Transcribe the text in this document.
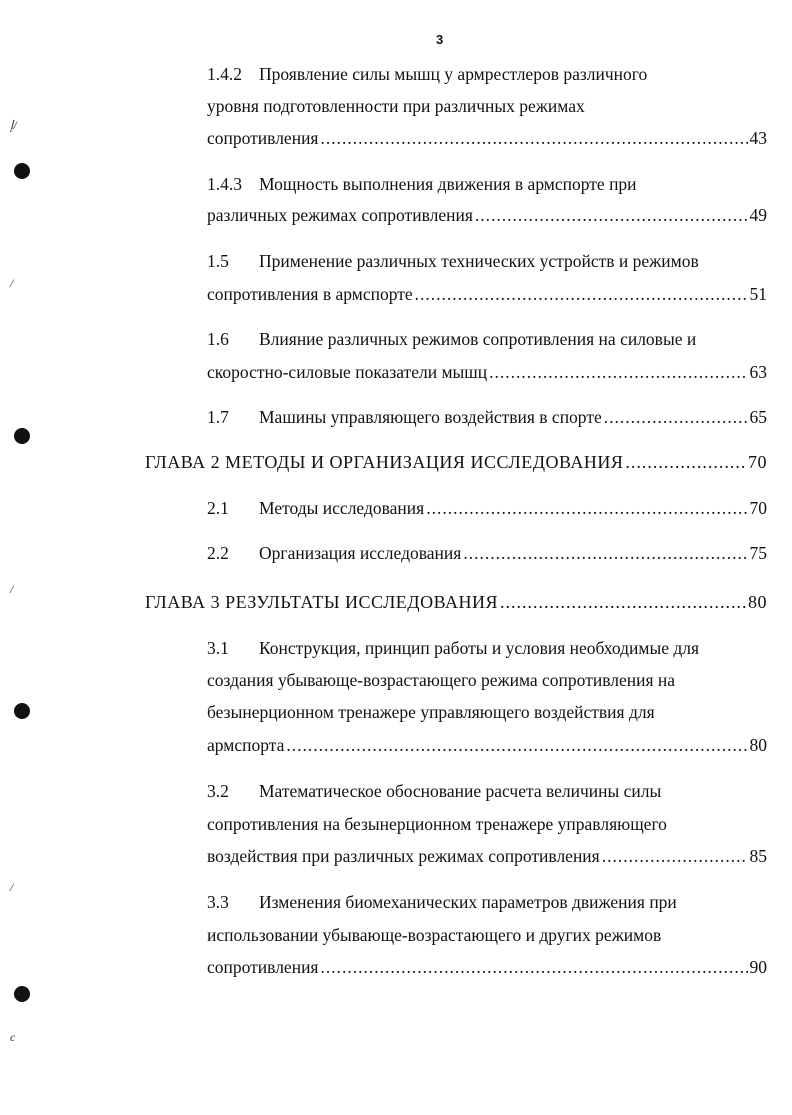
3
ﺇ/
/
/
/
c
1.4.2 Проявление силы мышц у армрестлеров различного
уровня подготовленности при различных режимах
сопротивления .....	43
1.4.3 Мощность выполнения движения в армспорте при
различных режимах сопротивления .....	49
1.5 Применение различных технических устройств и режимов
сопротивления в армспорте .....	51
1.6 Влияние различных режимов сопротивления на силовые и
скоростно-силовые показатели мышц .....	63
1.7	Машины управляющего воздействия в спорте .....	65
ГЛАВА 2 МЕТОДЫ И ОРГАНИЗАЦИЯ ИССЛЕДОВАНИЯ .....	70
2.1	Методы исследования .....	70
2.2	Организация исследования .....	75
ГЛАВА 3 РЕЗУЛЬТАТЫ ИССЛЕДОВАНИЯ .....	80
3.1 Конструкция, принцип работы и условия необходимые для
создания убывающе-возрастающего режима сопротивления на
безынерционном тренажере управляющего воздействия для
армспорта .....	80
3.2 Математическое обоснование расчета величины силы
сопротивления на безынерционном тренажере управляющего
воздействия при различных режимах сопротивления .....	85
3.3 Изменения биомеханических параметров движения при
использовании убывающе-возрастающего и других режимов
сопротивления .....	90
